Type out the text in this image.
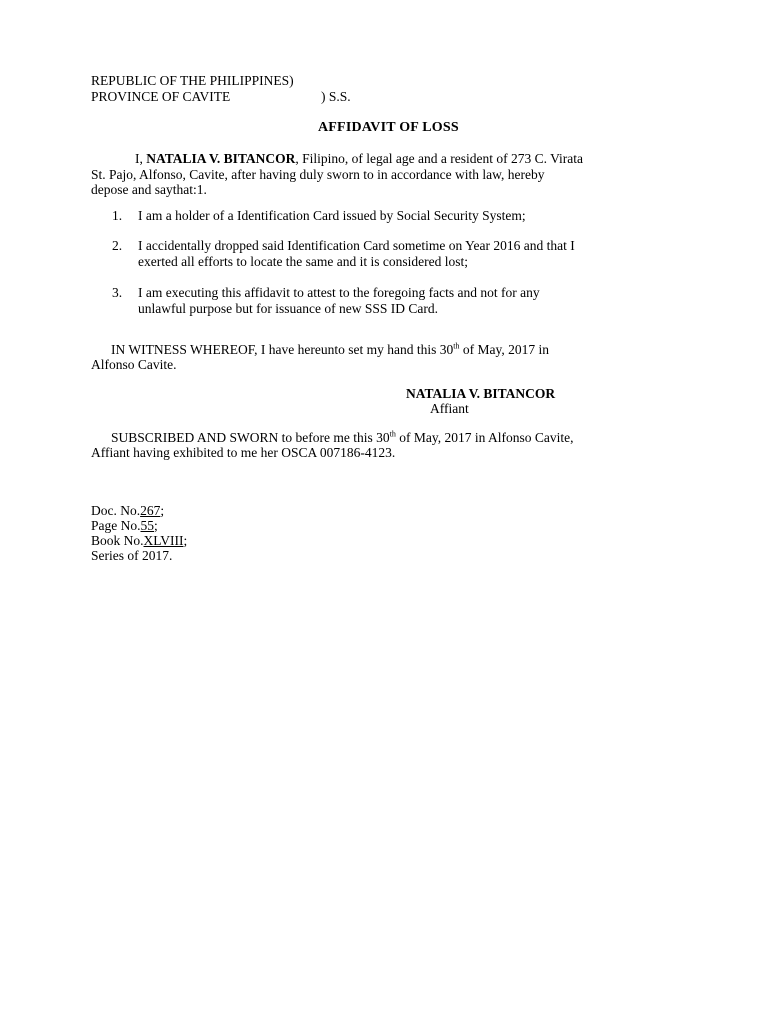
REPUBLIC OF THE PHILIPPINES)
PROVINCE OF CAVITE	) S.S.
AFFIDAVIT OF LOSS
I, NATALIA V. BITANCOR, Filipino, of legal age and a resident of 273 C. Virata
St. Pajo, Alfonso, Cavite, after having duly sworn to in accordance with law, hereby
depose and saythat:1.
1. I am a holder of a Identification Card issued by Social Security System;
2. I accidentally dropped said Identification Card sometime on Year 2016 and that I
exerted all efforts to locate the same and it is considered lost;
3. I am executing this affidavit to attest to the foregoing facts and not for any
unlawful purpose but for issuance of new SSS ID Card.
IN WITNESS WHEREOF, I have hereunto set my hand this 30th of May, 2017 in
Alfonso Cavite.
NATALIA V. BITANCOR
Affiant
SUBSCRIBED AND SWORN to before me this 30th of May, 2017 in Alfonso Cavite,
Affiant having exhibited to me her OSCA 007186-4123.
Doc. No.267;
Page No.55;
Book No.XLVIII;
Series of 2017.
